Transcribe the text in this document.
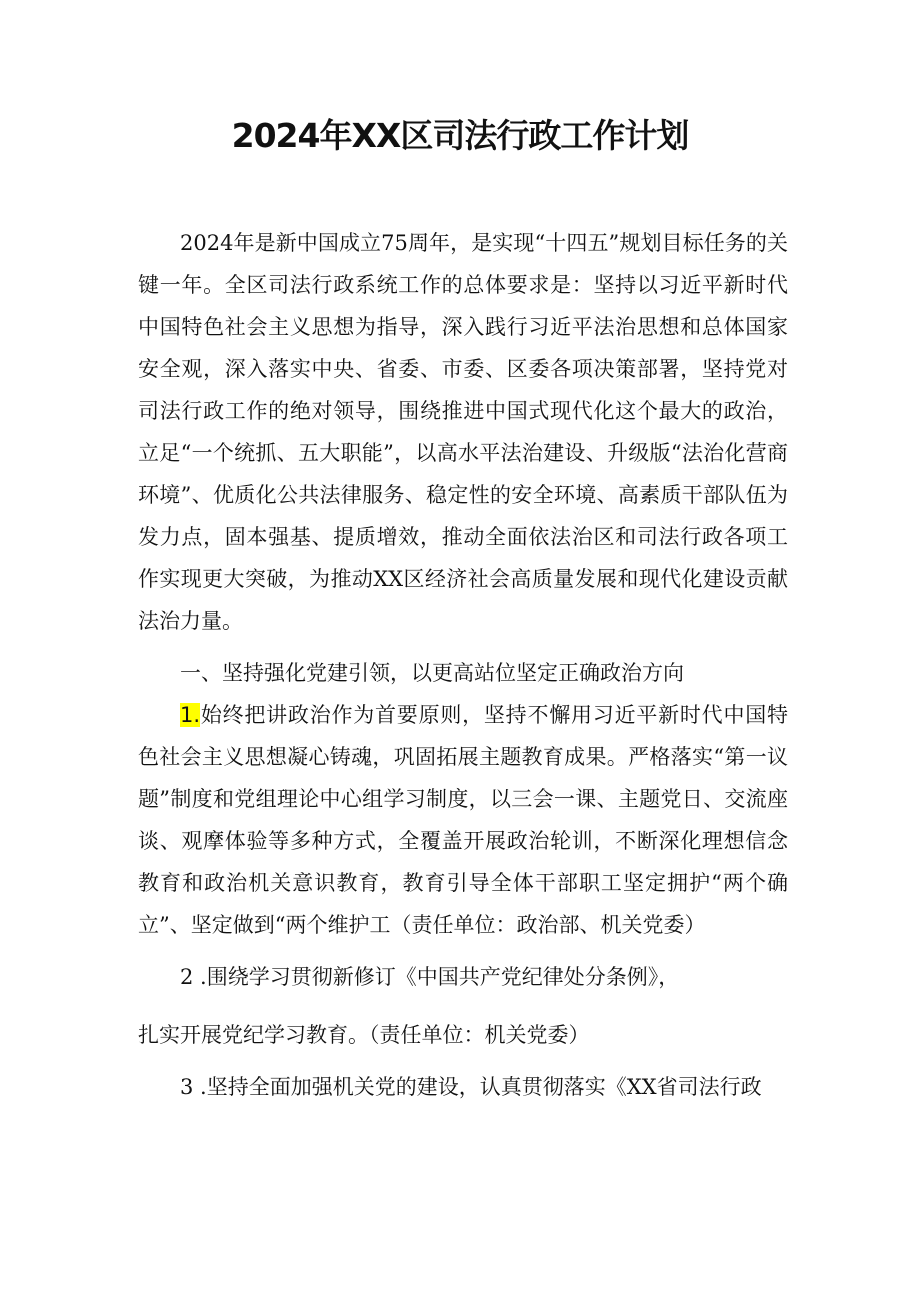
2024年XX区司法行政工作计划

2024年是新中国成立75周年，是实现“十四五”规划目标任务的关键一年。全区司法行政系统工作的总体要求是：坚持以习近平新时代中国特色社会主义思想为指导，深入践行习近平法治思想和总体国家安全观，深入落实中央、省委、市委、区委各项决策部署，坚持党对司法行政工作的绝对领导，围绕推进中国式现代化这个最大的政治，立足“一个统抓、五大职能”，以高水平法治建设、升级版“法治化营商环境”、优质化公共法律服务、稳定性的安全环境、高素质干部队伍为发力点，固本强基、提质增效，推动全面依法治区和司法行政各项工作实现更大突破，为推动XX区经济社会高质量发展和现代化建设贡献法治力量。

一、坚持强化党建引领，以更高站位坚定正确政治方向

1.始终把讲政治作为首要原则，坚持不懈用习近平新时代中国特色社会主义思想凝心铸魂，巩固拓展主题教育成果。严格落实“第一议题”制度和党组理论中心组学习制度，以三会一课、主题党日、交流座谈、观摩体验等多种方式，全覆盖开展政治轮训，不断深化理想信念教育和政治机关意识教育，教育引导全体干部职工坚定拥护“两个确立”、坚定做到“两个维护工（责任单位：政治部、机关党委）

2 .围绕学习贯彻新修订《中国共产党纪律处分条例》，

扎实开展党纪学习教育。（责任单位：机关党委）

3 .坚持全面加强机关党的建设，认真贯彻落实《XX省司法行政
